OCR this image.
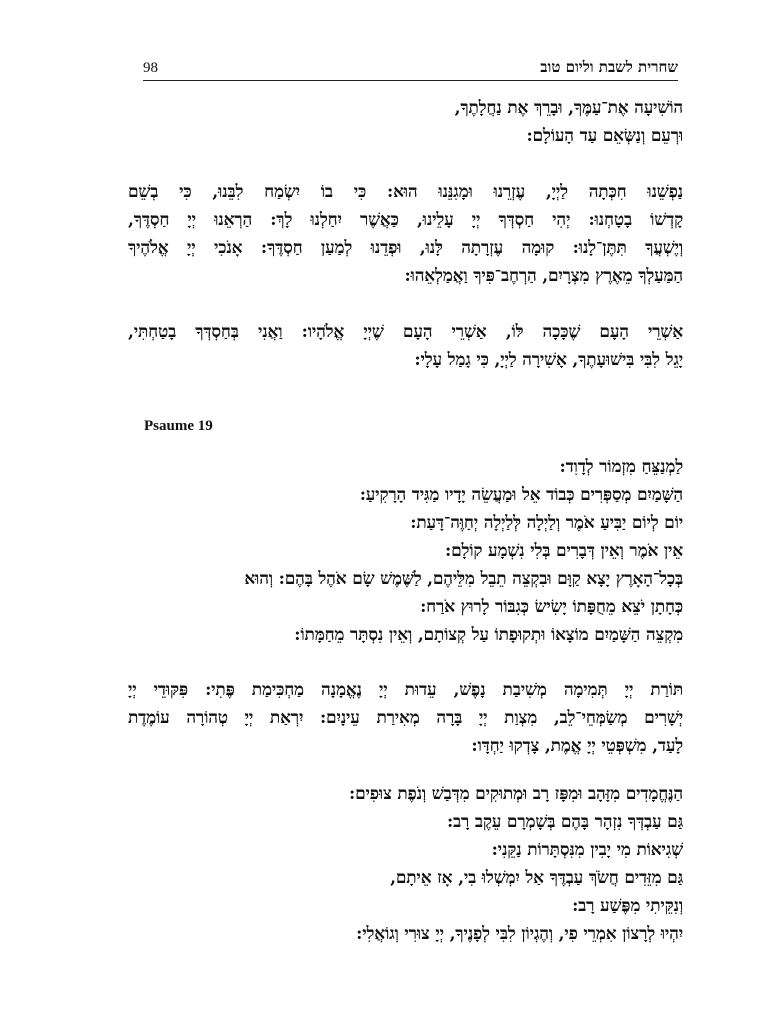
98	שחרית לשבת וליום טוב
הוֹשִׁיעָה אֶת־עַמֶּךָ, וּבָרֵךְ אֶת נַחֲלָתֶךָ,
וּרְעֵם וְנַשְּׂאֵם עַד הָעוֹלָם:
נַפְשֵׁנוּ חִכְּתָה לַיְיָ, עֶזְרֵנוּ וּמָגִנֵּנוּ הוּא: כִּי בוֹ יִשְׂמַח לִבֵּנוּ, כִּי בְשֵׁם
קָדְשׁוֹ בָטָחְנוּ: יְהִי חַסְדְּךָ יְיָ עָלֵינוּ, כַּאֲשֶׁר יִחַלְנוּ לָךְ: הַרְאֵנוּ יְיָ חַסְדֶּךָ,
וְיֶשְׁעֲךָ תִּתֶּן־לָנוּ: קוּמָה עֶזְרָתָה לָּנוּ, וּפְדֵנוּ לְמַעַן חַסְדֶּךָ: אָנֹכִי יְיָ אֱלֹהֶיךָ
הַמַּעַלְךָ מֵאֶרֶץ מִצְרָיִם, הַרְחֶב־פִּיךָ וַאֲמַלְאֵהוּ:
אַשְׁרֵי הָעָם שֶׁכָּכָה לּוֹ, אַשְׁרֵי הָעָם שֶׁיְיָ אֱלֹהָיו: וַאֲנִי בְּחַסְדְּךָ בָטַחְתִּי,
יָגֵל לִבִּי בִּישׁוּעָתֶךָ, אָשִׁירָה לַיְיָ, כִּי גָמַל עָלָי:
Psaume 19
לַמְנַצֵּחַ מִזְמוֹר לְדָוִד:
הַשָּׁמַיִם מְסַפְּרִים כְּבוֹד אֵל וּמַעֲשֵׂה יָדָיו מַגִּיד הָרָקִיעַ:
יוֹם לְיוֹם יַבִּיעַ אֹמֶר וְלַיְלָה לְּלַיְלָה יְחַוֶּה־דָּעַת:
אֵין אֹמֶר וְאֵין דְּבָרִים בְּלִי נִשְׁמָע קוֹלָם:
בְּכָל־הָאָרֶץ יָצָא קַוָּם וּבִקְצֵה תֵבֵל מִלֵּיהֶם, לַשֶּׁמֶשׁ שָׂם אֹהֶל בָּהֶם: וְהוּא
כְּחָתָן יֹצֵא מֵחֻפָּתוֹ יָשִׂישׂ כְּגִבּוֹר לָרוּץ אֹרַח:
מִקְצֵה הַשָּׁמַיִם מוֹצָאוֹ וּתְקוּפָתוֹ עַל קְצוֹתָם, וְאֵין נִסְתָּר מֵחַמָּתוֹ:
תּוֹרַת יְיָ תְּמִימָה מְשִׁיבַת נָפֶשׁ, עֵדוּת יְיָ נֶאֱמָנָה מַחְכִּימַת פֶּתִי: פִּקּוּדֵי יְיָ
יְשָׁרִים מְשַׂמְּחֵי־לֵב, מִצְוַת יְיָ בָּרָה מְאִירַת עֵינָיִם: יִרְאַת יְיָ טְהוֹרָה עוֹמֶדֶת
לָעַד, מִשְׁפְּטֵי יְיָ אֱמֶת, צָדְקוּ יַחְדָּו:
הַנֶּחֱמָדִים מִזָּהָב וּמִפָּז רָב וּמְתוּקִים מִדְּבַשׁ וְנֹפֶת צוּפִים:
גַּם עַבְדְּךָ נִזְהָר בָּהֶם בְּשָׁמְרָם עֵקֶב רָב:
שְׁגִיאוֹת מִי יָבִין מִנִּסְתָּרוֹת נַקֵּנִי:
גַּם מִזֵּדִים חֲשֹׂךְ עַבְדֶּךָ אַל יִמְשְׁלוּ בִי, אָז אֵיתָם,
וְנִקֵּיתִי מִפֶּשַׁע רָב:
יִהְיוּ לְרָצוֹן אִמְרֵי פִי, וְהֶגְיוֹן לִבִּי לְפָנֶיךָ, יְיָ צוּרִי וְגוֹאֲלִי:
